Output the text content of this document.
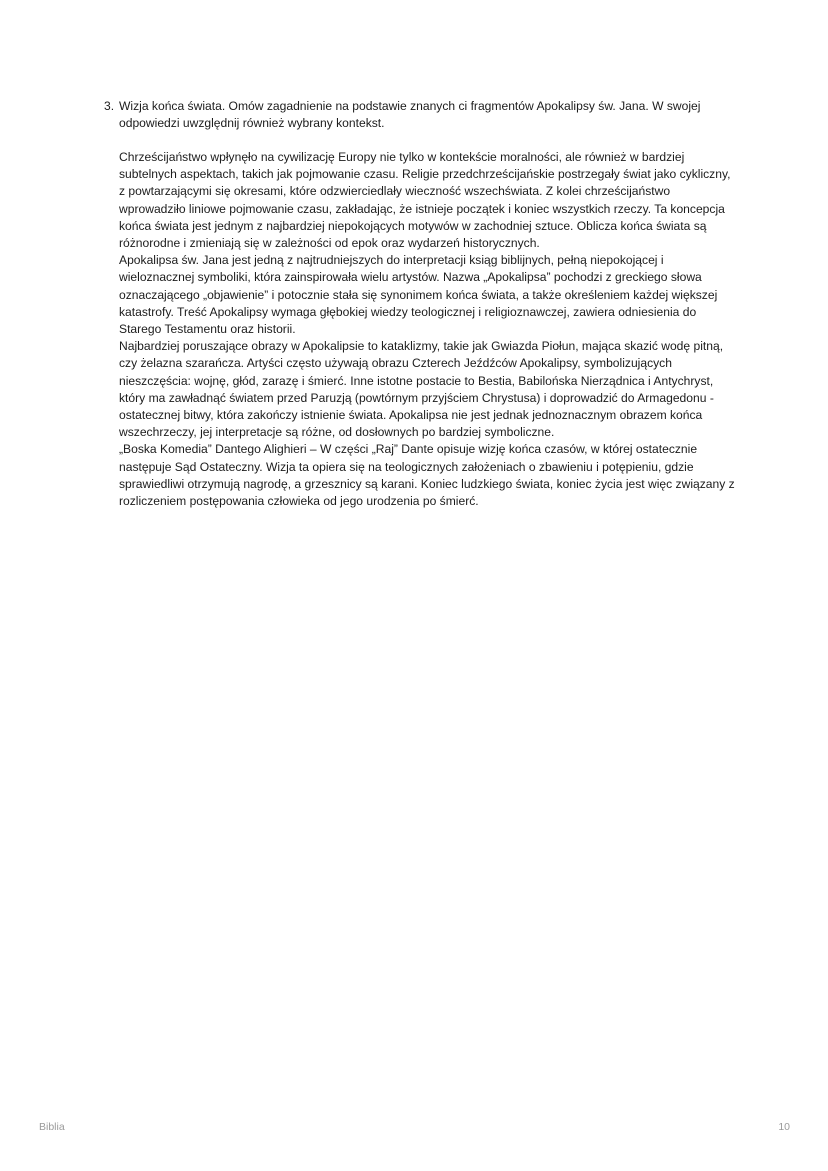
3. Wizja końca świata. Omów zagadnienie na podstawie znanych ci fragmentów Apokalipsy św. Jana. W swojej
odpowiedzi uwzględnij również wybrany kontekst.

Chrześcijaństwo wpłynęło na cywilizację Europy nie tylko w kontekście moralności, ale również w bardziej
subtelnych aspektach, takich jak pojmowanie czasu. Religie przedchrześcijańskie postrzegały świat jako cykliczny,
z powtarzającymi się okresami, które odzwierciedlały wieczność wszechświata. Z kolei chrześcijaństwo
wprowadziło liniowe pojmowanie czasu, zakładając, że istnieje początek i koniec wszystkich rzeczy. Ta koncepcja
końca świata jest jednym z najbardziej niepokojących motywów w zachodniej sztuce. Oblicza końca świata są
różnorodne i zmieniają się w zależności od epok oraz wydarzeń historycznych.

Apokalipsa św. Jana jest jedną z najtrudniejszych do interpretacji ksiąg biblijnych, pełną niepokojącej i
wieloznacznej symboliki, która zainspirowała wielu artystów. Nazwa „Apokalipsa” pochodzi z greckiego słowa
oznaczającego „objawienie” i potocznie stała się synonimem końca świata, a także określeniem każdej większej
katastrofy. Treść Apokalipsy wymaga głębokiej wiedzy teologicznej i religioznawczej, zawiera odniesienia do
Starego Testamentu oraz historii.

Najbardziej poruszające obrazy w Apokalipsie to kataklizmy, takie jak Gwiazda Piołun, mająca skazić wodę pitną,
czy żelazna szarańcza. Artyści często używają obrazu Czterech Jeźdźców Apokalipsy, symbolizujących
nieszczęścia: wojnę, głód, zarazę i śmierć. Inne istotne postacie to Bestia, Babilońska Nierządnica i Antychryst,
który ma zawładnąć światem przed Paruzją (powtórnym przyjściem Chrystusa) i doprowadzić do Armagedonu -
ostatecznej bitwy, która zakończy istnienie świata. Apokalipsa nie jest jednak jednoznacznym obrazem końca
wszechrzeczy, jej interpretacje są różne, od dosłownych po bardziej symboliczne.

„Boska Komedia” Dantego Alighieri – W części „Raj” Dante opisuje wizję końca czasów, w której ostatecznie
następuje Sąd Ostateczny. Wizja ta opiera się na teologicznych założeniach o zbawieniu i potępieniu, gdzie
sprawiedliwi otrzymują nagrodę, a grzesznicy są karani. Koniec ludzkiego świata, koniec życia jest więc związany z
rozliczeniem postępowania człowieka od jego urodzenia po śmierć.

Biblia	10
